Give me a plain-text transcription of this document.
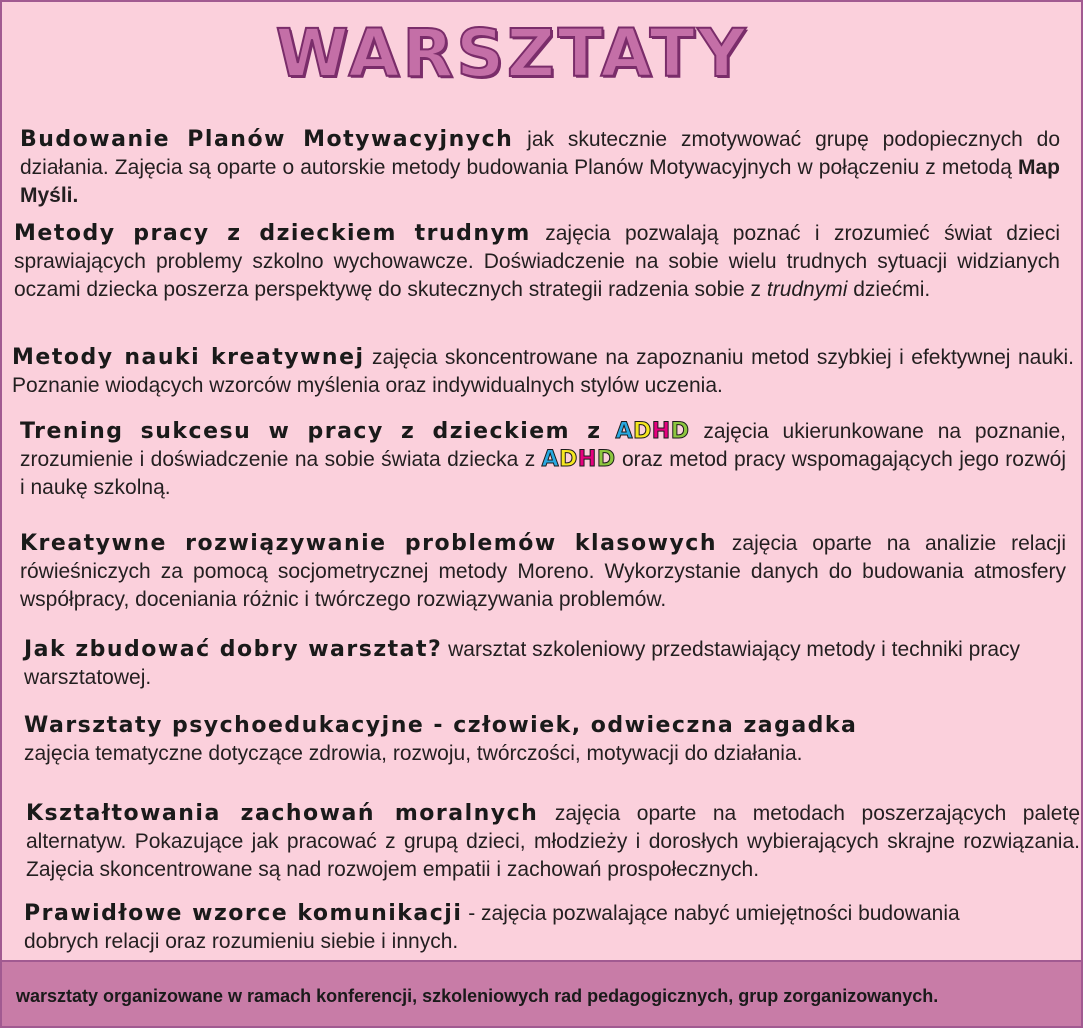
WARSZTATY
Budowanie Planów Motywacyjnych jak skutecznie zmotywować grupę podopiecznych do działania. Zajęcia są oparte o autorskie metody budowania Planów Motywacyjnych w połączeniu z metodą Map Myśli.
Metody pracy z dzieckiem trudnym zajęcia pozwalają poznać i zrozumieć świat dzieci sprawiających problemy szkolno wychowawcze. Doświadczenie na sobie wielu trudnych sytuacji widzianych oczami dziecka poszerza perspektywę do skutecznych strategii radzenia sobie z trudnymi dziećmi.
Metody nauki kreatywnej zajęcia skoncentrowane na zapoznaniu metod szybkiej i efektywnej nauki. Poznanie wiodących wzorców myślenia oraz indywidualnych stylów uczenia.
Trening sukcesu w pracy z dzieckiem z ADHD zajęcia ukierunkowane na poznanie, zrozumienie i doświadczenie na sobie świata dziecka z ADHD oraz metod pracy wspomagających jego rozwój i naukę szkolną.
Kreatywne rozwiązywanie problemów klasowych zajęcia oparte na analizie relacji rówieśniczych za pomocą socjometrycznej metody Moreno. Wykorzystanie danych do budowania atmosfery współpracy, doceniania różnic i twórczego rozwiązywania problemów.
Jak zbudować dobry warsztat? warsztat szkoleniowy przedstawiający metody i techniki pracy warsztatowej.
Warsztaty psychoedukacyjne - człowiek, odwieczna zagadka
zajęcia tematyczne dotyczące zdrowia, rozwoju, twórczości, motywacji do działania.
Kształtowania zachowań moralnych zajęcia oparte na metodach poszerzających paletę alternatyw. Pokazujące jak pracować z grupą dzieci, młodzieży i dorosłych wybierających skrajne rozwiązania. Zajęcia skoncentrowane są nad rozwojem empatii i zachowań prospołecznych.
Prawidłowe wzorce komunikacji - zajęcia pozwalające nabyć umiejętności budowania dobrych relacji oraz rozumieniu siebie i innych.
warsztaty organizowane w ramach konferencji, szkoleniowych rad pedagogicznych, grup zorganizowanych.
